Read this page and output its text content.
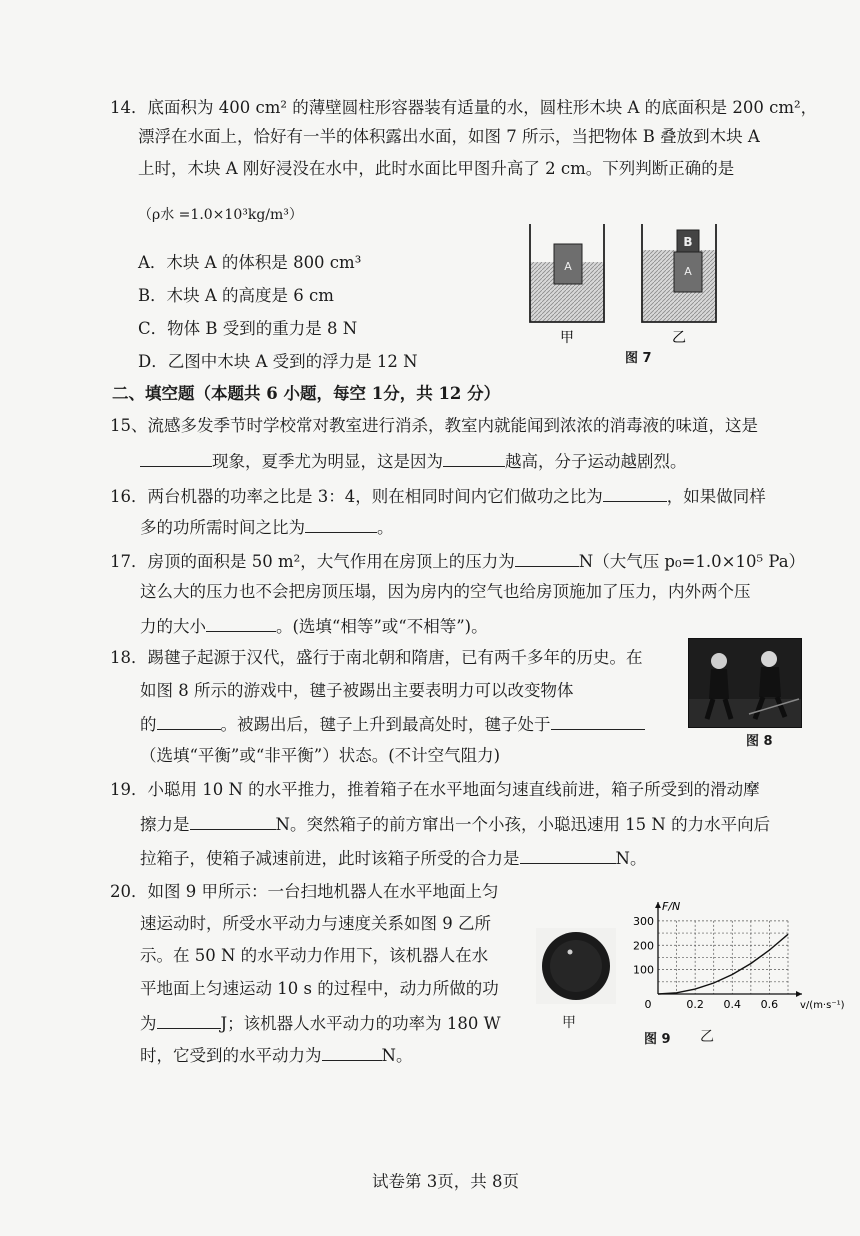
14．底面积为 400 cm² 的薄壁圆柱形容器装有适量的水，圆柱形木块 A 的底面积是 200 cm²，
漂浮在水面上，恰好有一半的体积露出水面，如图 7 所示，当把物体 B 叠放到木块 A
上时，木块 A 刚好浸没在水中，此时水面比甲图升高了 2 cm。下列判断正确的是
（ρ水 =1.0×10³kg/m³）
A．木块 A 的体积是 800 cm³
B．木块 A 的高度是 6 cm
C．物体 B 受到的重力是 8 N
D．乙图中木块 A 受到的浮力是 12 N
A
B
A
甲	乙
图 7
二、填空题（本题共 6 小题，每空 1分，共 12 分）
15、流感多发季节时学校常对教室进行消杀，教室内就能闻到浓浓的消毒液的味道，这是
现象，夏季尤为明显，这是因为	越高，分子运动越剧烈。
16．两台机器的功率之比是 3：4，则在相同时间内它们做功之比为	，如果做同样
多的功所需时间之比为	。
17．房顶的面积是 50 m²，大气作用在房顶上的压力为	N（大气压 p₀=1.0×10⁵ Pa）
这么大的压力也不会把房顶压塌，因为房内的空气也给房顶施加了压力，内外两个压
力的大小	。(选填“相等”或“不相等”)。
18．踢毽子起源于汉代，盛行于南北朝和隋唐，已有两千多年的历史。在
如图 8 所示的游戏中，毽子被踢出主要表明力可以改变物体
的	。被踢出后，毽子上升到最高处时，毽子处于
（选填“平衡”或“非平衡”）状态。(不计空气阻力)
图 8
19．小聪用 10 N 的水平推力，推着箱子在水平地面匀速直线前进，箱子所受到的滑动摩
擦力是	N。突然箱子的前方窜出一个小孩，小聪迅速用 15 N 的力水平向后
拉箱子，使箱子减速前进，此时该箱子所受的合力是	N。
20．如图 9 甲所示：一台扫地机器人在水平地面上匀
速运动时，所受水平动力与速度关系如图 9 乙所
示。在 50 N 的水平动力作用下，该机器人在水
平地面上匀速运动 10 s 的过程中，动力所做的功
为	J；该机器人水平动力的功率为 180 W
时，它受到的水平动力为	N。
甲
100
200
300
0	0.2 0.4 0.6
F/N
v/(m·s⁻¹)
乙
图 9
试卷第 3页，共 8页
